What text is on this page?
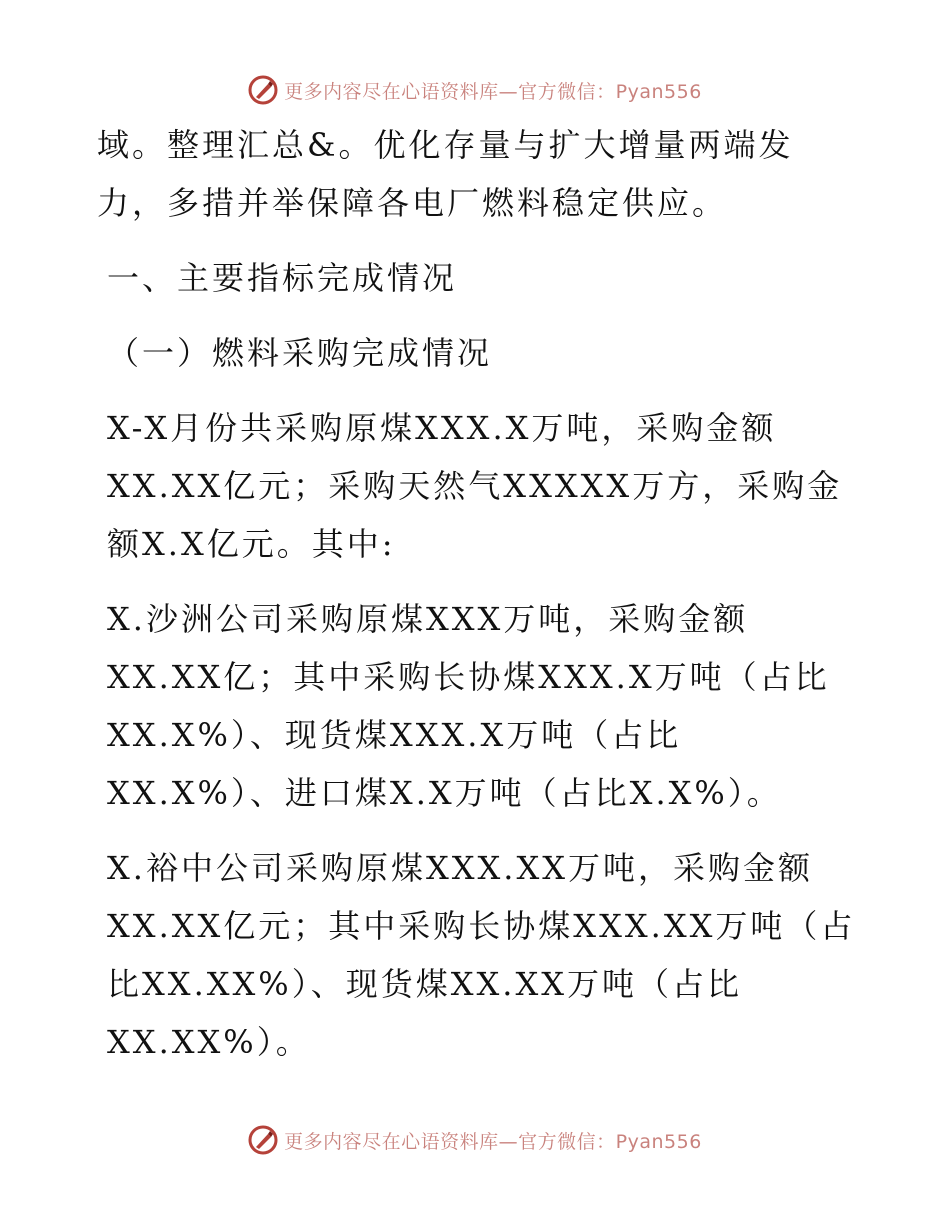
更多内容尽在心语资料库—官方微信：Pyan556

域。整理汇总&。优化存量与扩大增量两端发力，多措并举保障各电厂燃料稳定供应。

一、主要指标完成情况

（一）燃料采购完成情况

X-X月份共采购原煤XXX.X万吨，采购金额XX.XX亿元；采购天然气XXXXX万方，采购金额X.X亿元。其中:

X.沙洲公司采购原煤XXX万吨，采购金额XX.XX亿；其中采购长协煤XXX.X万吨（占比XX.X%）、现货煤XXX.X万吨（占比XX.X%）、进口煤X.X万吨（占比X.X%）。

X.裕中公司采购原煤XXX.XX万吨，采购金额XX.XX亿元；其中采购长协煤XXX.XX万吨（占比XX.XX%）、现货煤XX.XX万吨（占比XX.XX%）。

更多内容尽在心语资料库—官方微信：Pyan556
